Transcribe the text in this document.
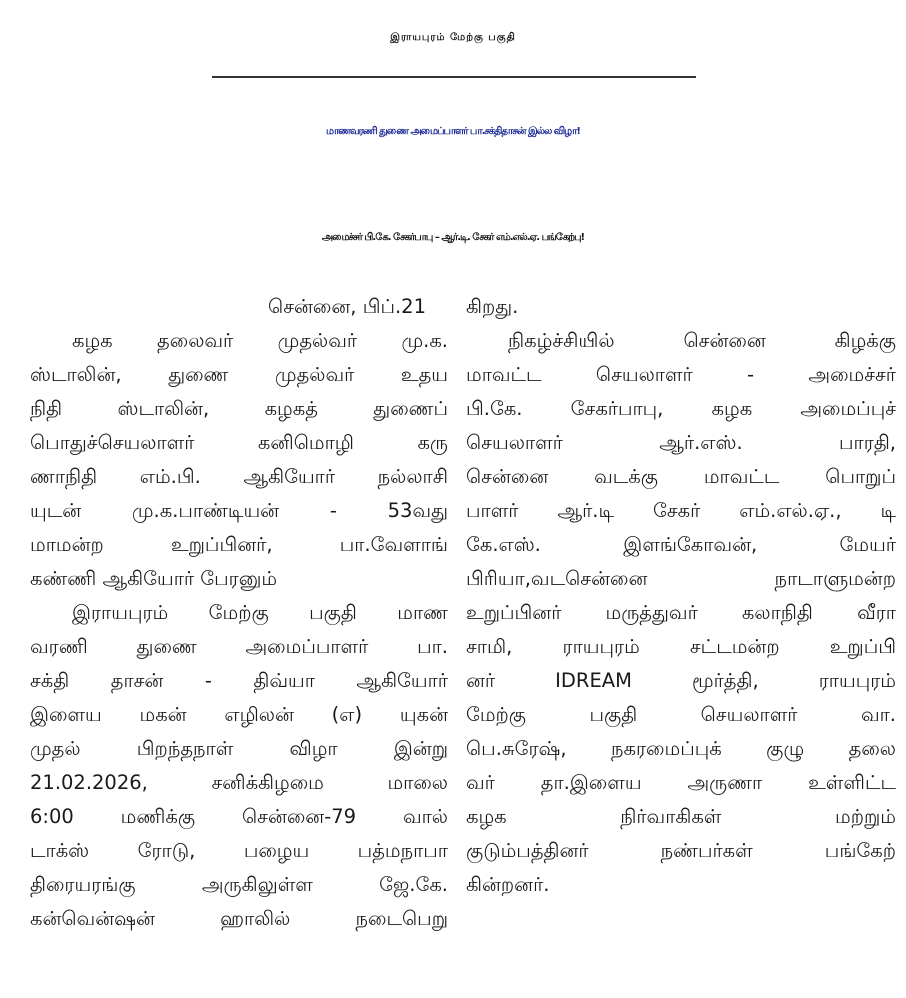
இராயபுரம் மேற்கு பகுதி
மாணவரணி துணை அமைப்பாளர் பா.சக்திதாசன் இல்ல விழா!
அமைச்சர் பி.கே. சேகர்பாபு – ஆர்.டி. சேகர் எம்.எல்.ஏ. பங்கேற்பு!
சென்னை, பிப்.21
கழக தலைவர் முதல்வர் மு.க.
ஸ்டாலின், துணை முதல்வர் உதய
நிதி ஸ்டாலின், கழகத் துணைப்
பொதுச்செயலாளர் கனிமொழி கரு
ணாநிதி எம்.பி. ஆகியோர் நல்லாசி
யுடன் மு.க.பாண்டியன் - 53வது
மாமன்ற உறுப்பினர், பா.வேளாங்
கண்ணி ஆகியோர் பேரனும்
இராயபுரம் மேற்கு பகுதி மாண
வரணி துணை அமைப்பாளர் பா.
சக்தி தாசன் - திவ்யா ஆகியோர்
இளைய மகன் எழிலன் (எ) யுகன்
முதல் பிறந்தநாள் விழா இன்று
21.02.2026, சனிக்கிழமை மாலை
6:00 மணிக்கு சென்னை-79 வால்
டாக்ஸ் ரோடு, பழைய பத்மநாபா
திரையரங்கு அருகிலுள்ள ஜே.கே.
கன்வென்ஷன் ஹாலில் நடைபெறு
கிறது.
நிகழ்ச்சியில் சென்னை கிழக்கு
மாவட்ட செயலாளர் - அமைச்சர்
பி.கே. சேகர்பாபு, கழக அமைப்புச்
செயலாளர் ஆர்.எஸ். பாரதி,
சென்னை வடக்கு மாவட்ட பொறுப்
பாளர் ஆர்.டி சேகர் எம்.எல்.ஏ., டி
கே.எஸ். இளங்கோவன், மேயர்
பிரியா,வடசென்னை நாடாளுமன்ற
உறுப்பினர் மருத்துவர் கலாநிதி வீரா
சாமி, ராயபுரம் சட்டமன்ற உறுப்பி
னர் IDREAM மூர்த்தி, ராயபுரம்
மேற்கு பகுதி செயலாளர் வா.
பெ.சுரேஷ், நகரமைப்புக் குழு தலை
வர் தா.இளைய அருணா உள்ளிட்ட
கழக நிர்வாகிகள் மற்றும்
குடும்பத்தினர் நண்பர்கள் பங்கேற்
கின்றனர்.
